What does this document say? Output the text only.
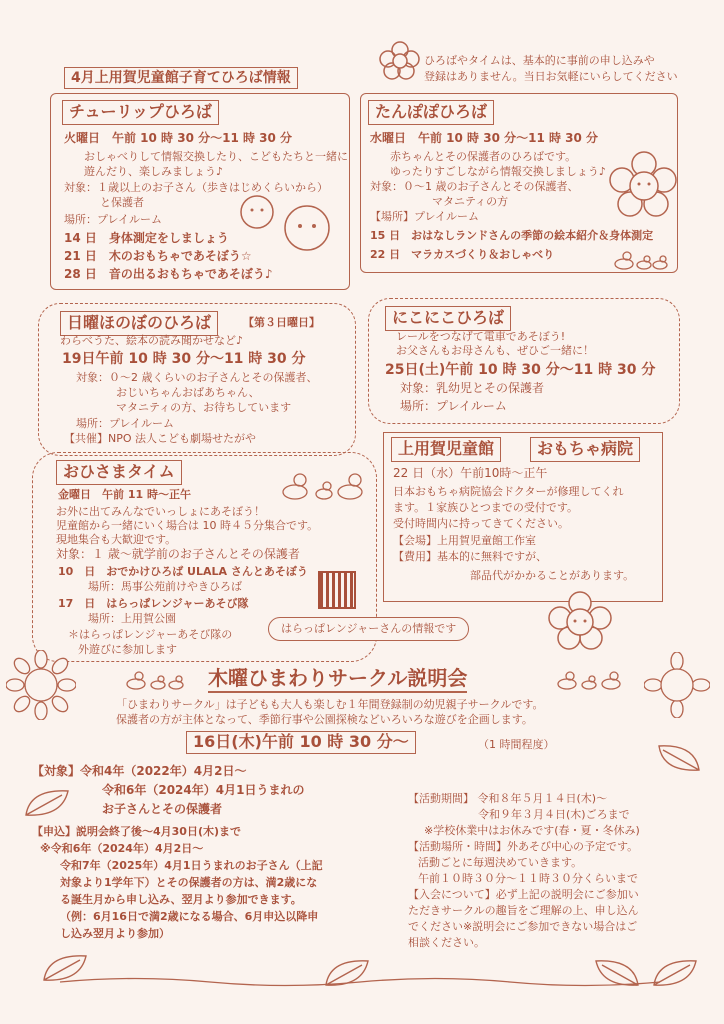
4月上用賀児童館子育てひろば情報
ひろばやタイムは、基本的に事前の申し込みや
登録はありません。当日お気軽にいらしてください
チューリップひろば
火曜日　午前 10 時 30 分～11 時 30 分
おしゃべりして情報交換したり、こどもたちと一緒に
遊んだり、楽しみましょう♪
対象：１歳以上のお子さん（歩きはじめくらいから）
と保護者
場所：プレイルーム
14 日　身体測定をしましょう
21 日　木のおもちゃであそぼう☆
28 日　音の出るおもちゃであそぼう♪
たんぽぽひろば
水曜日　午前 10 時 30 分～11 時 30 分
赤ちゃんとその保護者のひろばです。
ゆったりすごしながら情報交換しましょう♪
対象：０～1 歳のお子さんとその保護者、
マタニティの方
【場所】プレイルーム
15 日　おはなしランドさんの季節の絵本紹介＆身体測定
22 日　マラカスづくり＆おしゃべり
日曜ほのぼのひろば	【第３日曜日】
わらべうた、絵本の読み聞かせなど♪
19日午前 10 時 30 分～11 時 30 分
対象：０～2 歳くらいのお子さんとその保護者、
おじいちゃんおばあちゃん、
マタニティの方、お待ちしています
場所：プレイルーム
【共催】NPO 法人こども劇場せたがや
にこにこひろば
レールをつなげて電車であそぼう!
お父さんもお母さんも、ぜひご一緒に！
25日(土)午前 10 時 30 分～11 時 30 分
対象：乳幼児とその保護者
場所：プレイルーム
上用賀児童館	おもちゃ病院
22 日（水）午前10時～正午
日本おもちゃ病院協会ドクターが修理してくれ
ます。１家族ひとつまでの受付です。
受付時間内に持ってきてください。
【会場】上用賀児童館工作室
【費用】基本的に無料ですが、
部品代がかかることがあります。
おひさまタイム
金曜日　午前 11 時～正午
お外に出てみんなでいっしょにあそぼう！
児童館から一緒にいく場合は 10 時４５分集合です。
現地集合も大歓迎です。
対象：１ 歳～就学前のお子さんとその保護者
10　日　おでかけひろば ULALA さんとあそぼう
場所：馬事公苑前けやきひろば
17　日　はらっぱレンジャーあそび隊
場所：上用賀公園
＊はらっぱレンジャーあそび隊の
外遊びに参加します
はらっぱレンジャーさんの情報です
木曜ひまわりサークル説明会
「ひまわりサークル」は子どもも大人も楽しむ１年間登録制の幼児親子サークルです。
保護者の方が主体となって、季節行事や公園探検などいろいろな遊びを企画します。
16日(木)午前 10 時 30 分～	（1 時間程度）
【対象】令和4年（2022年）4月2日～
令和6年（2024年）4月1日うまれの
お子さんとその保護者
【申込】説明会終了後～4月30日(木)まで
※令和6年（2024年）4月2日～
令和7年（2025年）4月1日うまれのお子さん（上記
対象より1学年下）とその保護者の方は、満2歳にな
る誕生月から申し込み、翌月より参加できます。
（例：6月16日で満2歳になる場合、6月申込以降申
し込み翌月より参加）
【活動期間】 令和８年５月１４日(木)～
令和９年３月４日(木)ごろまで
※学校休業中はお休みです(春・夏・冬休み)
【活動場所・時間】外あそび中心の予定です。
活動ごとに毎週決めていきます。
午前１０時３０分～１１時３０分くらいまで
【入会について】必ず上記の説明会にご参加い
ただきサークルの趣旨をご理解の上、申し込ん
でください※説明会にご参加できない場合はご
相談ください。
